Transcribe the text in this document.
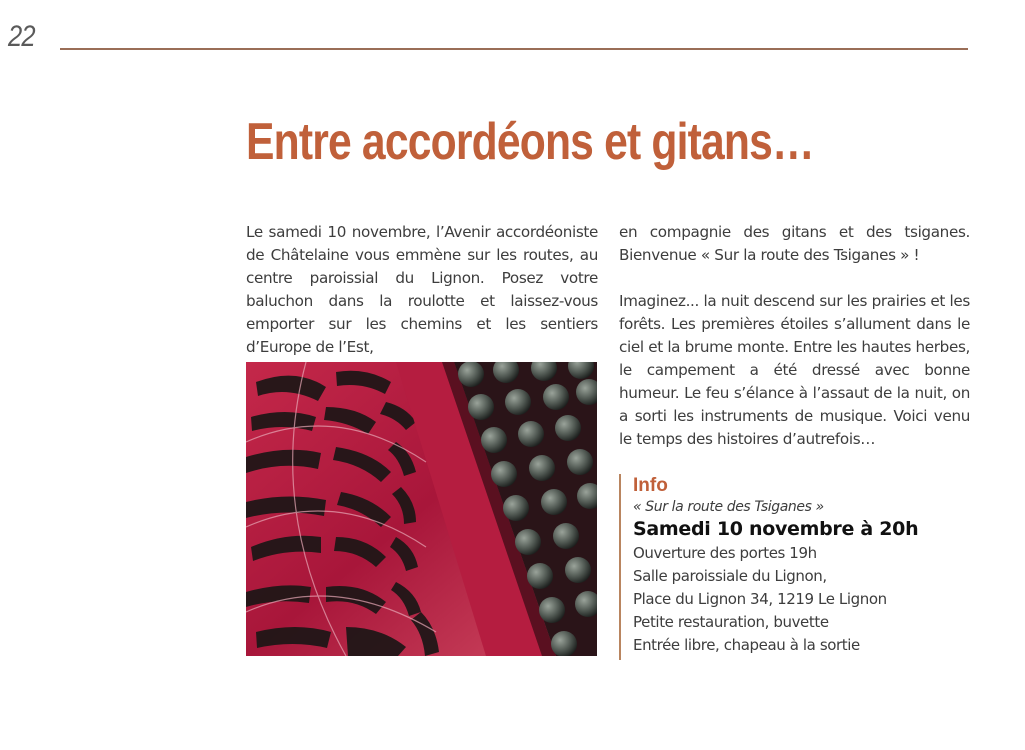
22
Entre accordéons et gitans…

Le samedi 10 novembre, l’Avenir accordéoniste de Châtelaine vous emmène sur les routes, au centre paroissial du Lignon. Posez votre baluchon dans la roulotte et laissez-vous emporter sur les chemins et les sentiers d’Europe de l’Est,

en compagnie des gitans et des tsiganes. Bienvenue « Sur la route des Tsiganes » !

Imaginez... la nuit descend sur les prairies et les forêts. Les premières étoiles s’allument dans le ciel et la brume monte. Entre les hautes herbes, le campement a été dressé avec bonne humeur. Le feu s’élance à l’assaut de la nuit, on a sorti les instruments de musique. Voici venu le temps des histoires d’autrefois…

Info
« Sur la route des Tsiganes »
Samedi 10 novembre à 20h
Ouverture des portes 19h
Salle paroissiale du Lignon,
Place du Lignon 34, 1219 Le Lignon
Petite restauration, buvette
Entrée libre, chapeau à la sortie
